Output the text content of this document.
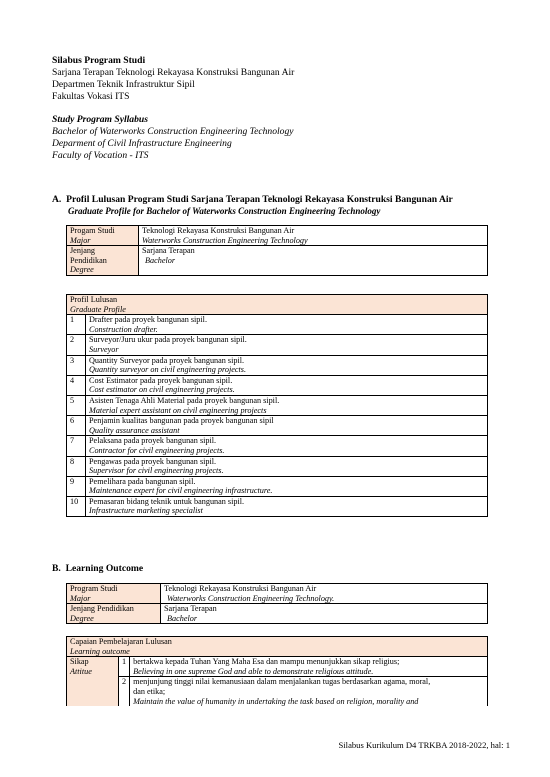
Silabus Program Studi
Sarjana Terapan Teknologi Rekayasa Konstruksi Bangunan Air
Departmen Teknik Infrastruktur Sipil
Fakultas Vokasi ITS
Study Program Syllabus
Bachelor of Waterworks Construction Engineering Technology
Deparment of Civil Infrastructure Engineering
Faculty of Vocation - ITS
A.  Profil Lulusan Program Studi Sarjana Terapan Teknologi Rekayasa Konstruksi Bangunan Air
Graduate Profile for Bachelor of Waterworks Construction Engineering Technology
Progam Studi
Major	Teknologi Rekayasa Konstruksi Bangunan Air
Waterworks Construction Engineering Technology

Jenjang
Pendidikan
Degree	Sarjana Terapan
Bachelor
Profil Lulusan
Graduate Profile	

1	Drafter pada proyek bangunan sipil.
Construction drafter.

2	Surveyor/Juru ukur pada proyek bangunan sipil.
Surveyor

3	Quantity Surveyor pada proyek bangunan sipil.
Quantity surveyor on civil engineering projects.

4	Cost Estimator pada proyek bangunan sipil.
Cost estimator on civil engineering projects.

5	Asisten Tenaga Ahli Material pada proyek bangunan sipil.
Material expert assistant on civil engineering projects

6	Penjamin kualitas bangunan pada proyek bangunan sipil
Quality assurance assistant

7	Pelaksana pada proyek bangunan sipil.
Contractor for civil engineering projects.

8	Pengawas pada proyek bangunan sipil.
Supervisor for civil engineering projects.

9	Pemelihara pada bangunan sipil.
Maintenance expert for civil engineering infrastructure.

10	Pemasaran bidang teknik untuk bangunan sipil.
Infrastructure marketing specialist
B.  Learning Outcome
Program Studi
Major	Teknologi Rekayasa Konstruksi Bangunan Air
Waterworks Construction Engineering Technology.

Jenjang Pendidikan
Degree	Sarjana Terapan
Bachelor
Capaian Pembelajaran Lulusan
Learning outcome		

Sikap
Attitue	1	bertakwa kepada Tuhan Yang Maha Esa dan mampu menunjukkan sikap religius;
Believing in one supreme God and able to demonstrate religious attitude.

	2	menjunjung tinggi nilai kemanusiaan dalam menjalankan tugas berdasarkan agama, moral,
dan etika;
Maintain the value of humanity in undertaking the task based on religion, morality and
Silabus Kurikulum D4 TRKBA 2018-2022, hal: 1
